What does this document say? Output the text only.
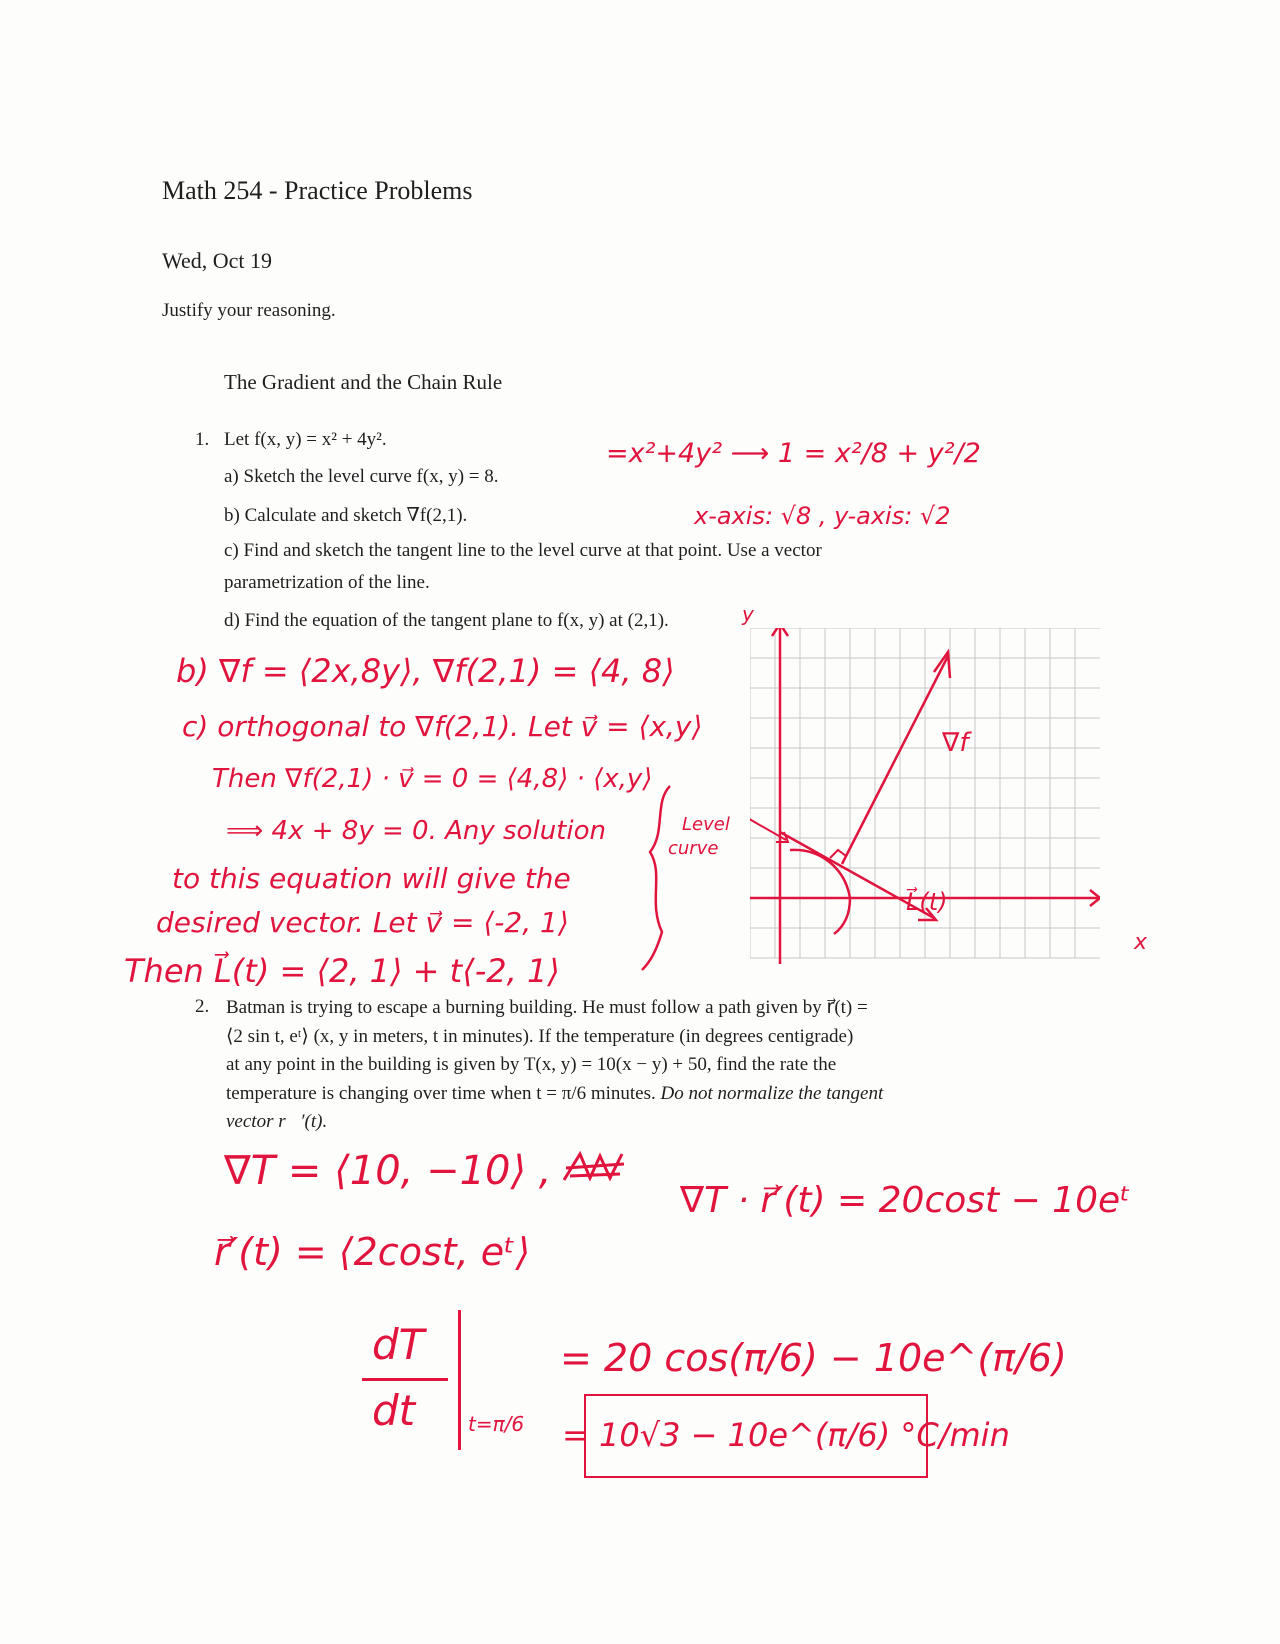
Math 254 - Practice Problems
Wed, Oct 19
Justify your reasoning.
The Gradient and the Chain Rule
1. Let f(x, y) = x² + 4y².
a) Sketch the level curve f(x, y) = 8.
b) Calculate and sketch ∇f(2,1).
c) Find and sketch the tangent line to the level curve at that point. Use a vector
parametrization of the line.
d) Find the equation of the tangent plane to f(x, y) at (2,1).
=x²+4y² ⟶ 1 = x²/8 + y²/2
x-axis: √8 , y-axis: √2
b) ∇f = ⟨2x,8y⟩, ∇f(2,1) = ⟨4, 8⟩
c) orthogonal to ∇f(2,1). Let v⃗ = ⟨x,y⟩
Then ∇f(2,1) · v⃗ = 0 = ⟨4,8⟩ · ⟨x,y⟩
⟹ 4x + 8y = 0. Any solution
to this equation will give the
desired vector. Let v⃗ = ⟨-2, 1⟩
Then L⃗(t) = ⟨2, 1⟩ + t⟨-2, 1⟩
∇f
L⃗(t)
x
y
Level
curve
2. Batman is trying to escape a burning building. He must follow a path given by r⃗(t) =
⟨2 sin t, eᵗ⟩ (x, y in meters, t in minutes). If the temperature (in degrees centigrade)
at any point in the building is given by T(x, y) = 10(x − y) + 50, find the rate the
temperature is changing over time when t = π/6 minutes. Do not normalize the tangent
vector r⃗′(t).
∇T = ⟨10, −10⟩ ,
∇T · r⃗′(t) = 20cost − 10eᵗ
r⃗′(t) = ⟨2cost, eᵗ⟩
dT
dt	t=π/6
= 20 cos(π/6) − 10e^(π/6)
= 10√3 − 10e^(π/6) °C/min
